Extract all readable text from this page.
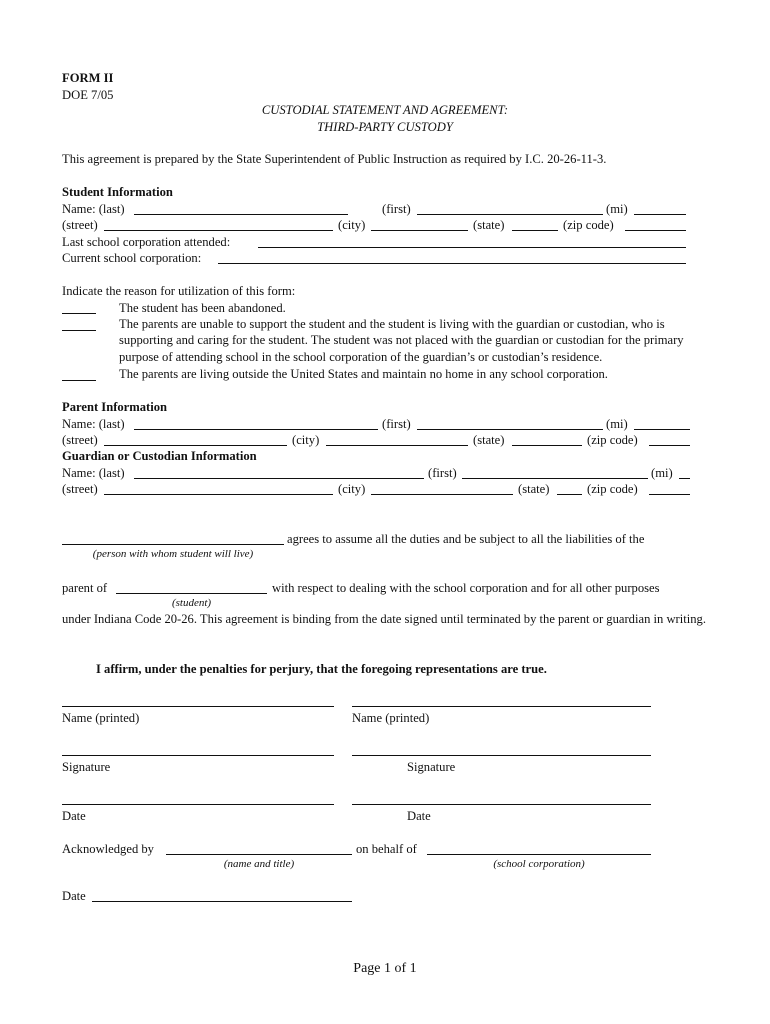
FORM II
DOE 7/05
CUSTODIAL STATEMENT AND AGREEMENT:
THIRD-PARTY CUSTODY
This agreement is prepared by the State Superintendent of Public Instruction as required by I.C. 20-26-11-3.
Student Information
Name: (last)	(first)	(mi)
(street)	(city)	(state)	(zip code)
Last school corporation attended:
Current school corporation:
Indicate the reason for utilization of this form:
The student has been abandoned.
The parents are unable to support the student and the student is living with the guardian or custodian, who is supporting and caring for the student. The student was not placed with the guardian or custodian for the primary purpose of attending school in the school corporation of the guardian’s or custodian’s residence.
The parents are living outside the United States and maintain no home in any school corporation.
Parent Information
Name: (last)	(first)	(mi)
(street)	(city)	(state)	(zip code)
Guardian or Custodian Information
Name: (last)	(first)	(mi)
(street)	(city)	(state)	(zip code)
agrees to assume all the duties and be subject to all the liabilities of the
(person with whom student will live)
parent of	with respect to dealing with the school corporation and for all other purposes
(student)
under Indiana Code 20-26. This agreement is binding from the date signed until terminated by the parent or guardian in writing.
I affirm, under the penalties for perjury, that the foregoing representations are true.
Name (printed)	Name (printed)
Signature	Signature
Date	Date
Acknowledged by	on behalf of
(name and title)	(school corporation)
Date
Page 1 of 1
